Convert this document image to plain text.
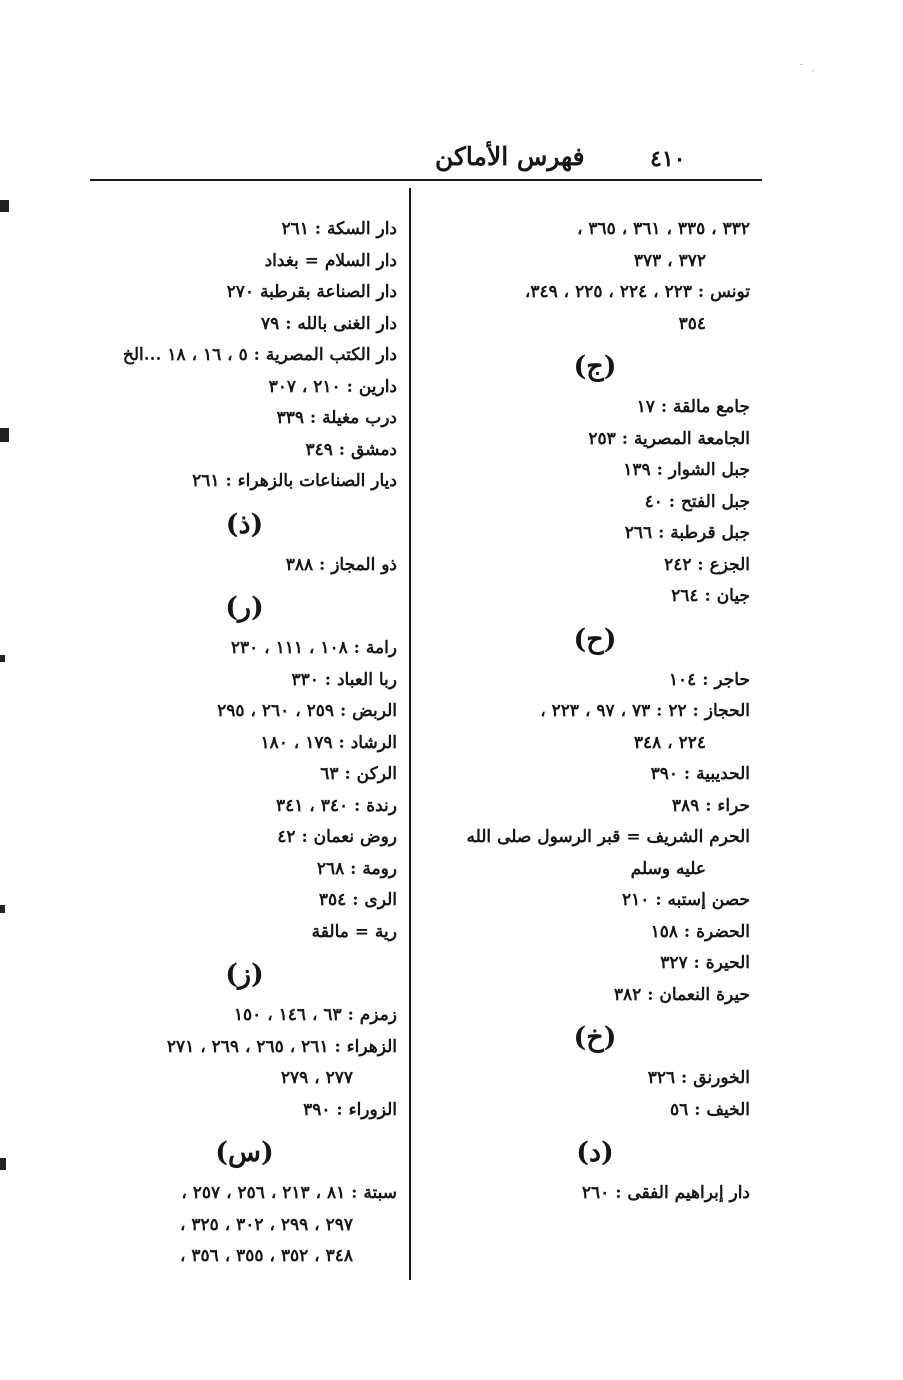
٤١٠
فهرس الأماكن
٣٣٢ ، ٣٣٥ ، ٣٦١ ، ٣٦٥ ،
٣٧٢ ، ٣٧٣
تونس : ٢٢٣ ، ٢٢٤ ، ٢٢٥ ، ٣٤٩،
٣٥٤
(ج)
جامع مالقة : ١٧
الجامعة المصرية : ٢٥٣
جبل الشوار : ١٣٩
جبل الفتح : ٤٠
جبل قرطبة : ٢٦٦
الجزع : ٢٤٢
جيان : ٢٦٤
(ح)
حاجر : ١٠٤
الحجاز : ٢٢ : ٧٣ ، ٩٧ ، ٢٢٣ ،
٢٢٤ ، ٣٤٨
الحديبية : ٣٩٠
حراء : ٣٨٩
الحرم الشريف = قبر الرسول صلى الله
عليه وسلم
حصن إستبه : ٢١٠
الحضرة : ١٥٨
الحيرة : ٣٢٧
حيرة النعمان : ٣٨٢
(خ)
الخورنق : ٣٢٦
الخيف : ٥٦
(د)
دار إبراهيم الفقى : ٢٦٠
دار السكة : ٢٦١
دار السلام = بغداد
دار الصناعة بقرطبة ٢٧٠
دار الغنى بالله : ٧٩
دار الكتب المصرية : ٥ ، ١٦ ، ١٨ ...الخ
دارين : ٢١٠ ، ٣٠٧
درب مغيلة : ٣٣٩
دمشق : ٣٤٩
ديار الصناعات بالزهراء : ٢٦١
(ذ)
ذو المجاز : ٣٨٨
(ر)
رامة : ١٠٨ ، ١١١ ، ٢٣٠
ربا العباد : ٣٣٠
الربض : ٢٥٩ ، ٢٦٠ ، ٢٩٥
الرشاد : ١٧٩ ، ١٨٠
الركن : ٦٣
رندة : ٣٤٠ ، ٣٤١
روض نعمان : ٤٢
رومة : ٢٦٨
الرى : ٣٥٤
رية = مالقة
(ز)
زمزم : ٦٣ ، ١٤٦ ، ١٥٠
الزهراء : ٢٦١ ، ٢٦٥ ، ٢٦٩ ، ٢٧١
٢٧٧ ، ٢٧٩
الزوراء : ٣٩٠
(س)
سبتة : ٨١ ، ٢١٣ ، ٢٥٦ ، ٢٥٧ ،
٢٩٧ ، ٢٩٩ ، ٣٠٢ ، ٣٢٥ ،
٣٤٨ ، ٣٥٢ ، ٣٥٥ ، ٣٥٦ ،
